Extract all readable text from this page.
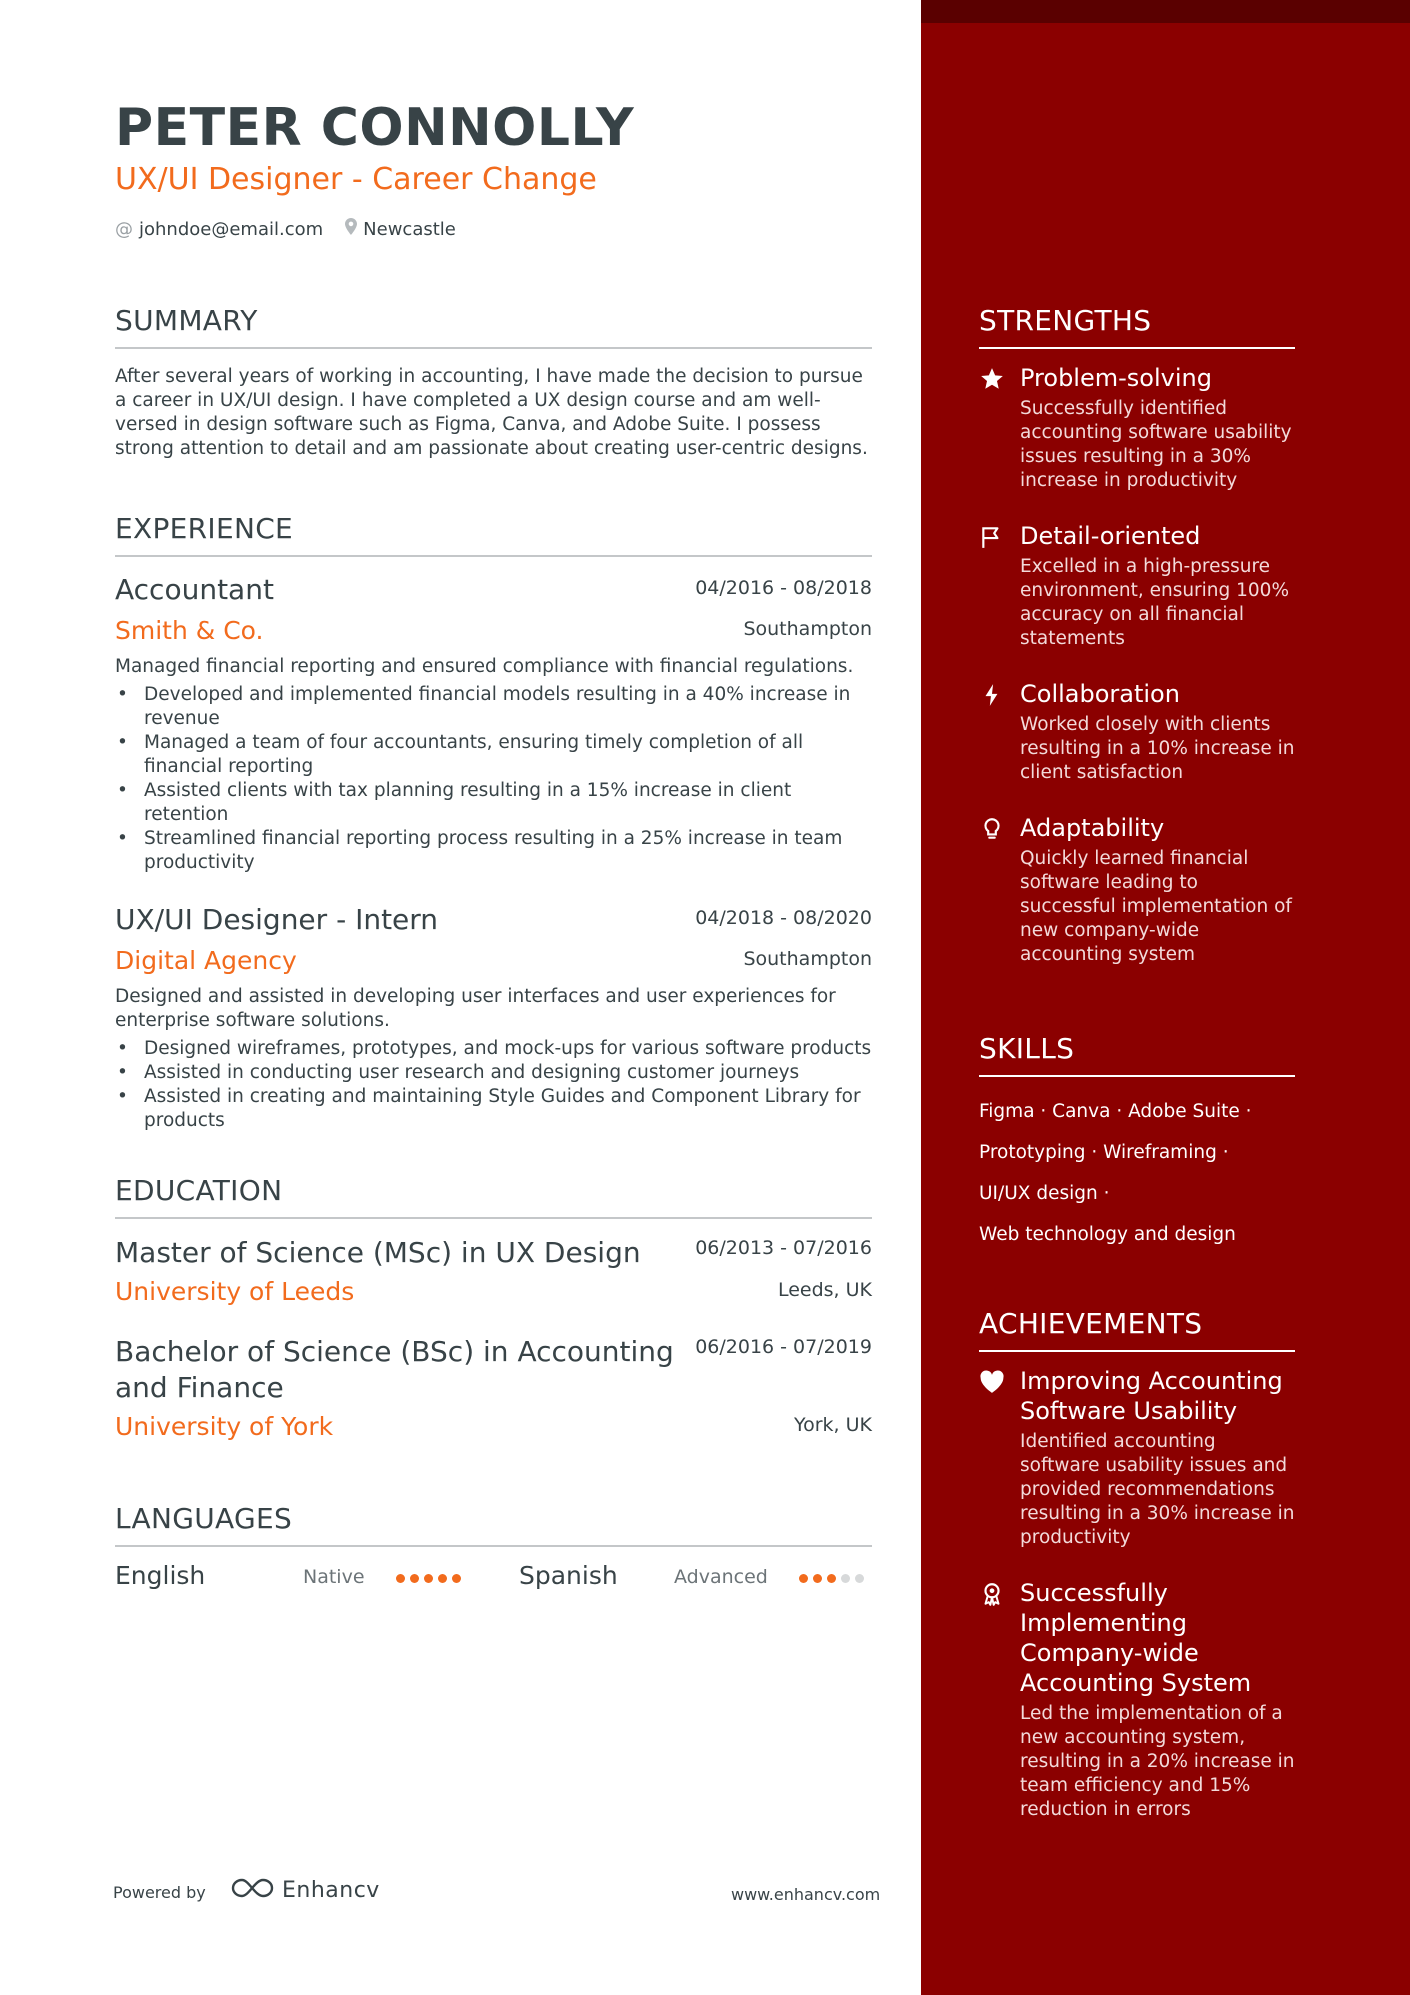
PETER CONNOLLY
UX/UI Designer - Career Change
@ johndoe@email.com Newcastle
SUMMARY
After several years of working in accounting, I have made the decision to pursue a career in UX/UI design. I have completed a UX design course and am well-versed in design software such as Figma, Canva, and Adobe Suite. I possess strong attention to detail and am passionate about creating user-centric designs.
EXPERIENCE
Accountant	04/2016 - 08/2018
Smith & Co.	Southampton
Managed financial reporting and ensured compliance with financial regulations.
• Developed and implemented financial models resulting in a 40% increase in revenue
• Managed a team of four accountants, ensuring timely completion of all financial reporting
• Assisted clients with tax planning resulting in a 15% increase in client retention
• Streamlined financial reporting process resulting in a 25% increase in team productivity
UX/UI Designer - Intern	04/2018 - 08/2020
Digital Agency	Southampton
Designed and assisted in developing user interfaces and user experiences for enterprise software solutions.
• Designed wireframes, prototypes, and mock-ups for various software products
• Assisted in conducting user research and designing customer journeys
• Assisted in creating and maintaining Style Guides and Component Library for products
EDUCATION
Master of Science (MSc) in UX Design	06/2013 - 07/2016
University of Leeds	Leeds, UK
Bachelor of Science (BSc) in Accounting and Finance
06/2016 - 07/2019
University of York	York, UK
LANGUAGES
English	Native	Spanish	Advanced
Powered by	Enhancv	www.enhancv.com
STRENGTHS
Problem-solving
Successfully identified accounting software usability issues resulting in a 30% increase in productivity
Detail-oriented
Excelled in a high-pressure environment, ensuring 100% accuracy on all financial statements
Collaboration
Worked closely with clients resulting in a 10% increase in client satisfaction
Adaptability
Quickly learned financial software leading to successful implementation of new company-wide accounting system
SKILLS
Figma · Canva · Adobe Suite ·
Prototyping · Wireframing ·
UI/UX design ·
Web technology and design
ACHIEVEMENTS
Improving Accounting Software Usability
Identified accounting software usability issues and provided recommendations resulting in a 30% increase in productivity
Successfully Implementing Company-wide Accounting System
Led the implementation of a new accounting system, resulting in a 20% increase in team efficiency and 15% reduction in errors
